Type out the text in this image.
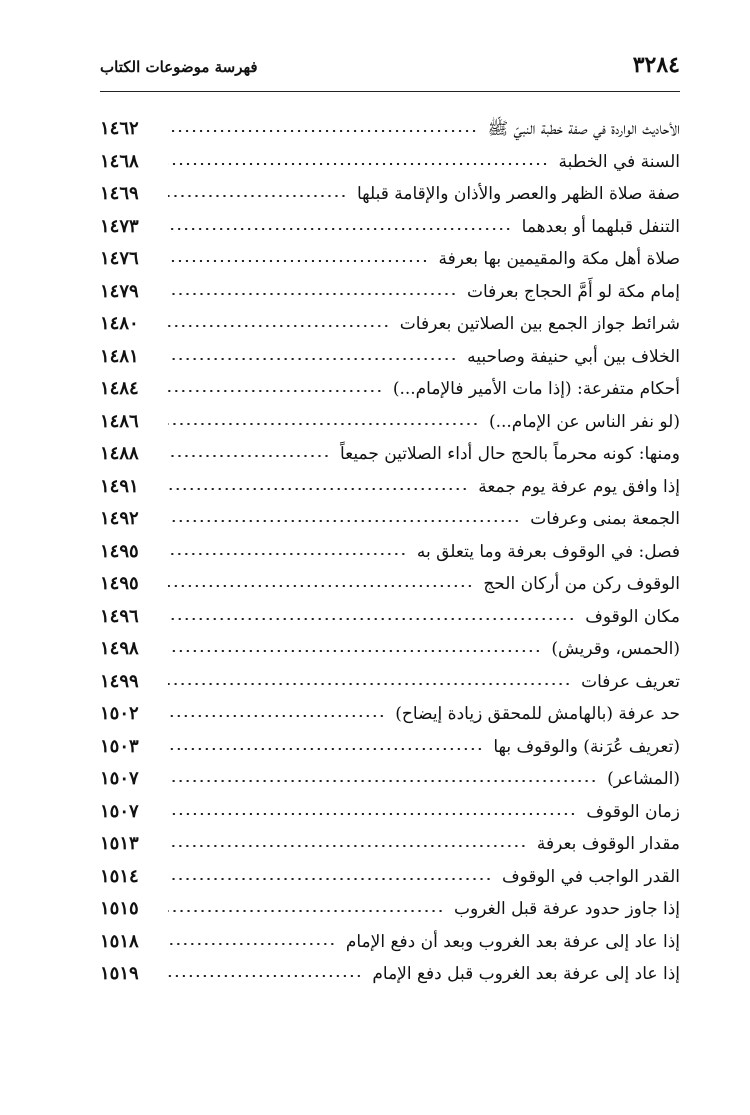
٣٢٨٤
فهرسة موضوعات الكتاب
الأحاديث الواردة في صفة خطبة النبيّ ﷺ
١٤٦٢
السنة في الخطبة
١٤٦٨
صفة صلاة الظهر والعصر والأذان والإقامة قبلها
١٤٦٩
التنفل قبلهما أو بعدهما
١٤٧٣
صلاة أهل مكة والمقيمين بها بعرفة
١٤٧٦
إمام مكة لو أَمَّ الحجاج بعرفات
١٤٧٩
شرائط جواز الجمع بين الصلاتين بعرفات
١٤٨٠
الخلاف بين أبي حنيفة وصاحبيه
١٤٨١
أحكام متفرعة: (إذا مات الأمير فالإمام...)
١٤٨٤
(لو نفر الناس عن الإمام...)
١٤٨٦
ومنها: كونه محرماً بالحج حال أداء الصلاتين جميعاً
١٤٨٨
إذا وافق يوم عرفة يوم جمعة
١٤٩١
الجمعة بمنى وعرفات
١٤٩٢
فصل: في الوقوف بعرفة وما يتعلق به
١٤٩٥
الوقوف ركن من أركان الحج
١٤٩٥
مكان الوقوف
١٤٩٦
(الحمس، وقريش)
١٤٩٨
تعريف عرفات
١٤٩٩
حد عرفة (بالهامش للمحقق زيادة إيضاح)
١٥٠٢
(تعريف عُرَنة) والوقوف بها
١٥٠٣
(المشاعر)
١٥٠٧
زمان الوقوف
١٥٠٧
مقدار الوقوف بعرفة
١٥١٣
القدر الواجب في الوقوف
١٥١٤
إذا جاوز حدود عرفة قبل الغروب
١٥١٥
إذا عاد إلى عرفة بعد الغروب وبعد أن دفع الإمام
١٥١٨
إذا عاد إلى عرفة بعد الغروب قبل دفع الإمام
١٥١٩
